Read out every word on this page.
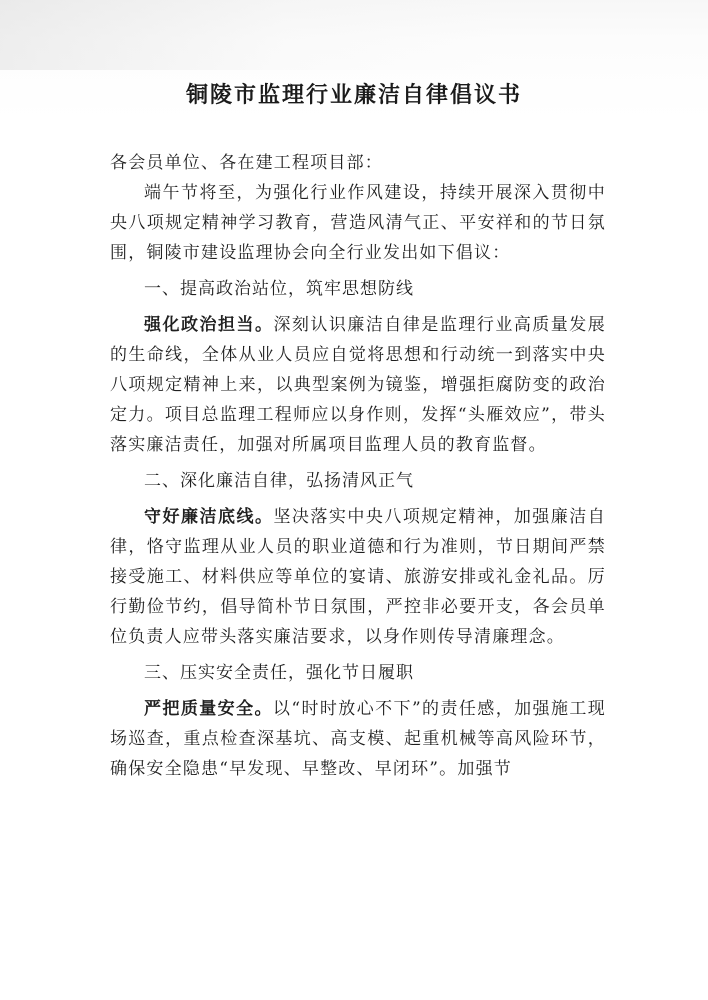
铜陵市监理行业廉洁自律倡议书

各会员单位、各在建工程项目部：

端午节将至，为强化行业作风建设，持续开展深入贯彻中央八项规定精神学习教育，营造风清气正、平安祥和的节日氛围，铜陵市建设监理协会向全行业发出如下倡议：

一、提高政治站位，筑牢思想防线

强化政治担当。深刻认识廉洁自律是监理行业高质量发展的生命线，全体从业人员应自觉将思想和行动统一到落实中央八项规定精神上来，以典型案例为镜鉴，增强拒腐防变的政治定力。项目总监理工程师应以身作则，发挥“头雁效应”，带头落实廉洁责任，加强对所属项目监理人员的教育监督。

二、深化廉洁自律，弘扬清风正气

守好廉洁底线。坚决落实中央八项规定精神，加强廉洁自律，恪守监理从业人员的职业道德和行为准则，节日期间严禁接受施工、材料供应等单位的宴请、旅游安排或礼金礼品。厉行勤俭节约，倡导简朴节日氛围，严控非必要开支，各会员单位负责人应带头落实廉洁要求，以身作则传导清廉理念。

三、压实安全责任，强化节日履职

严把质量安全。以“时时放心不下”的责任感，加强施工现场巡查，重点检查深基坑、高支模、起重机械等高风险环节，确保安全隐患“早发现、早整改、早闭环”。加强节
